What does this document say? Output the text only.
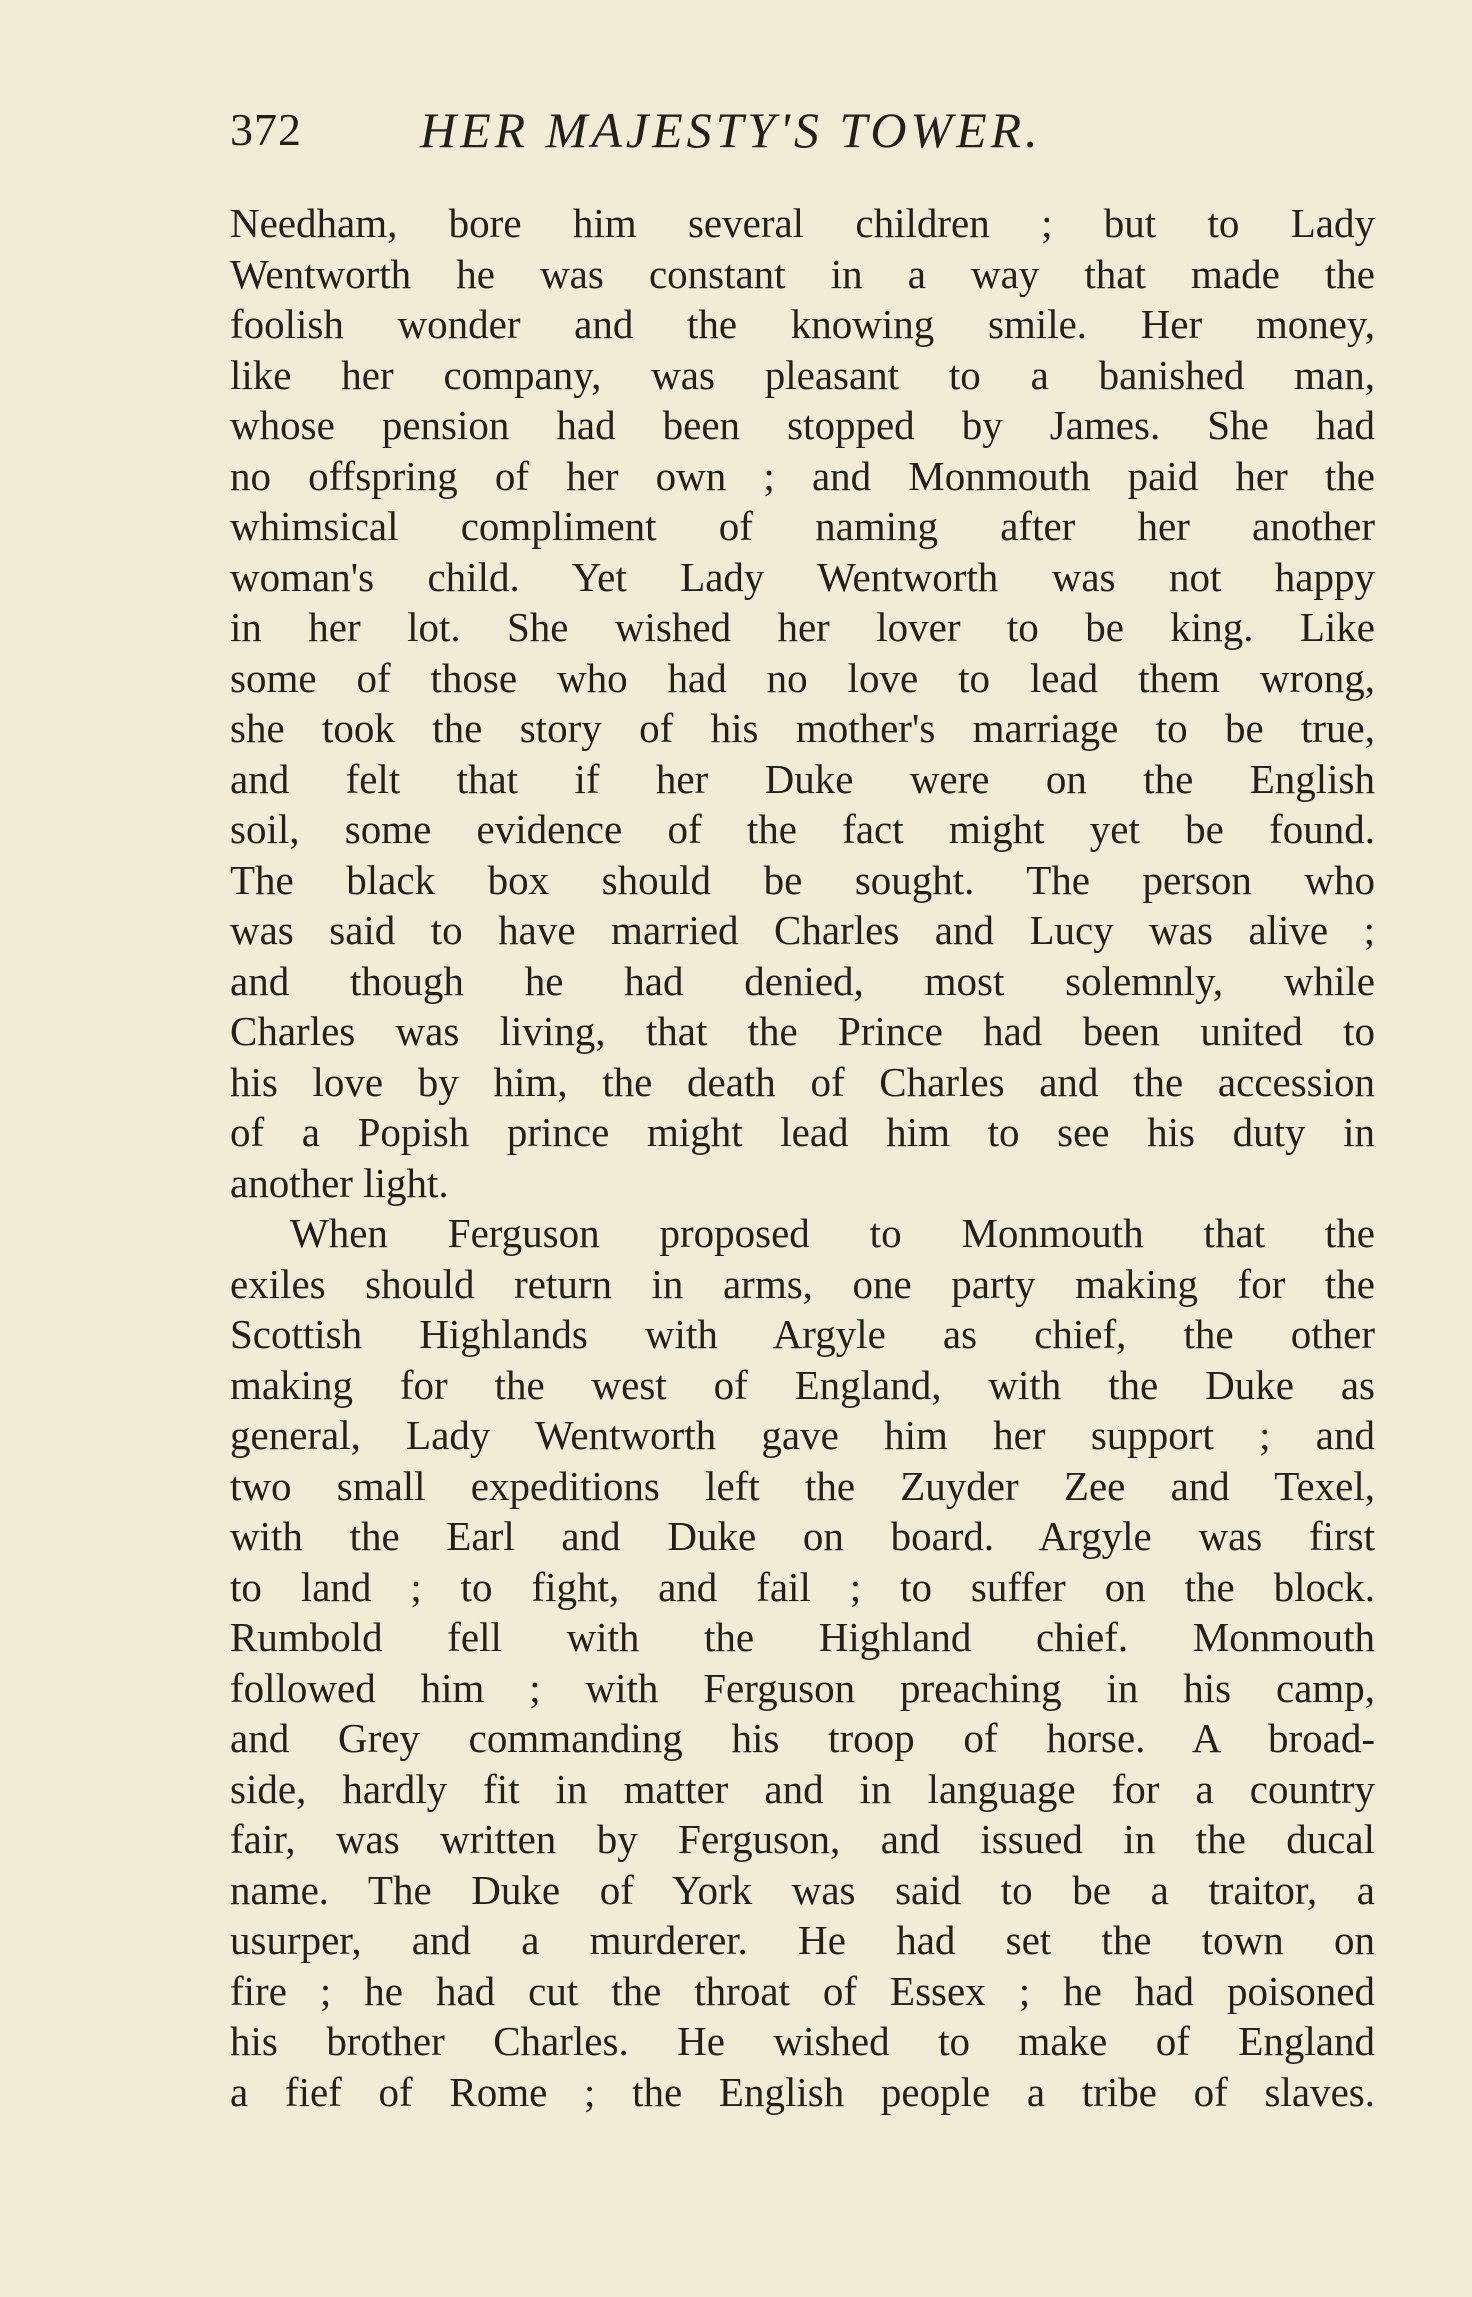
372 HER MAJESTY'S TOWER.
Needham, bore him several children ; but to Lady
Wentworth he was constant in a way that made the
foolish wonder and the knowing smile. Her money,
like her company, was pleasant to a banished man,
whose pension had been stopped by James. She had
no offspring of her own ; and Monmouth paid her the
whimsical compliment of naming after her another
woman's child. Yet Lady Wentworth was not happy
in her lot. She wished her lover to be king. Like
some of those who had no love to lead them wrong,
she took the story of his mother's marriage to be true,
and felt that if her Duke were on the English
soil, some evidence of the fact might yet be found.
The black box should be sought. The person who
was said to have married Charles and Lucy was alive ;
and though he had denied, most solemnly, while
Charles was living, that the Prince had been united to
his love by him, the death of Charles and the accession
of a Popish prince might lead him to see his duty in
another light.
When Ferguson proposed to Monmouth that the
exiles should return in arms, one party making for the
Scottish Highlands with Argyle as chief, the other
making for the west of England, with the Duke as
general, Lady Wentworth gave him her support ; and
two small expeditions left the Zuyder Zee and Texel,
with the Earl and Duke on board. Argyle was first
to land ; to fight, and fail ; to suffer on the block.
Rumbold fell with the Highland chief. Monmouth
followed him ; with Ferguson preaching in his camp,
and Grey commanding his troop of horse. A broad-
side, hardly fit in matter and in language for a country
fair, was written by Ferguson, and issued in the ducal
name. The Duke of York was said to be a traitor, a
usurper, and a murderer. He had set the town on
fire ; he had cut the throat of Essex ; he had poisoned
his brother Charles. He wished to make of England
a fief of Rome ; the English people a tribe of slaves.
